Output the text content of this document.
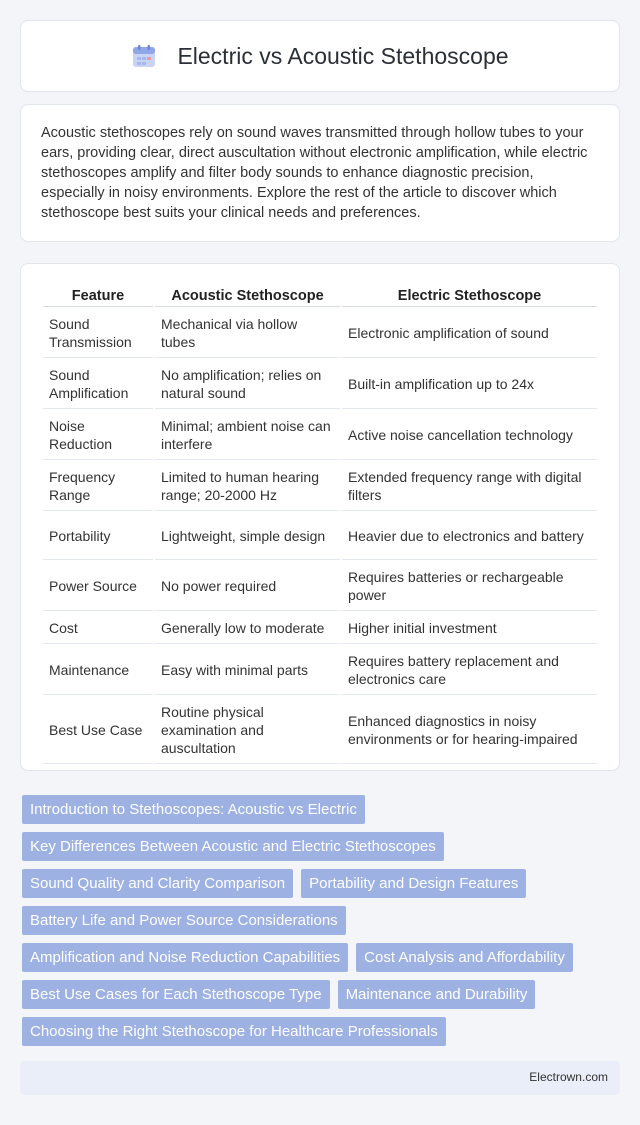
Electric vs Acoustic Stethoscope

Acoustic stethoscopes rely on sound waves transmitted through hollow tubes to your ears, providing clear, direct auscultation without electronic amplification, while electric stethoscopes amplify and filter body sounds to enhance diagnostic precision, especially in noisy environments. Explore the rest of the article to discover which stethoscope best suits your clinical needs and preferences.

Feature	Acoustic Stethoscope	Electric Stethoscope
Sound Transmission	Mechanical via hollow tubes	Electronic amplification of sound
Sound Amplification	No amplification; relies on natural sound	Built-in amplification up to 24x
Noise Reduction	Minimal; ambient noise can interfere	Active noise cancellation technology
Frequency Range	Limited to human hearing range; 20-2000 Hz	Extended frequency range with digital filters
Portability	Lightweight, simple design	Heavier due to electronics and battery
Power Source	No power required	Requires batteries or rechargeable power
Cost	Generally low to moderate	Higher initial investment
Maintenance	Easy with minimal parts	Requires battery replacement and electronics care
Best Use Case	Routine physical examination and auscultation	Enhanced diagnostics in noisy environments or for hearing-impaired
Introduction to Stethoscopes: Acoustic vs Electric
Key Differences Between Acoustic and Electric Stethoscopes
Sound Quality and Clarity Comparison	Portability and Design Features
Battery Life and Power Source Considerations
Amplification and Noise Reduction Capabilities	Cost Analysis and Affordability
Best Use Cases for Each Stethoscope Type	Maintenance and Durability
Choosing the Right Stethoscope for Healthcare Professionals
Electrown.com
